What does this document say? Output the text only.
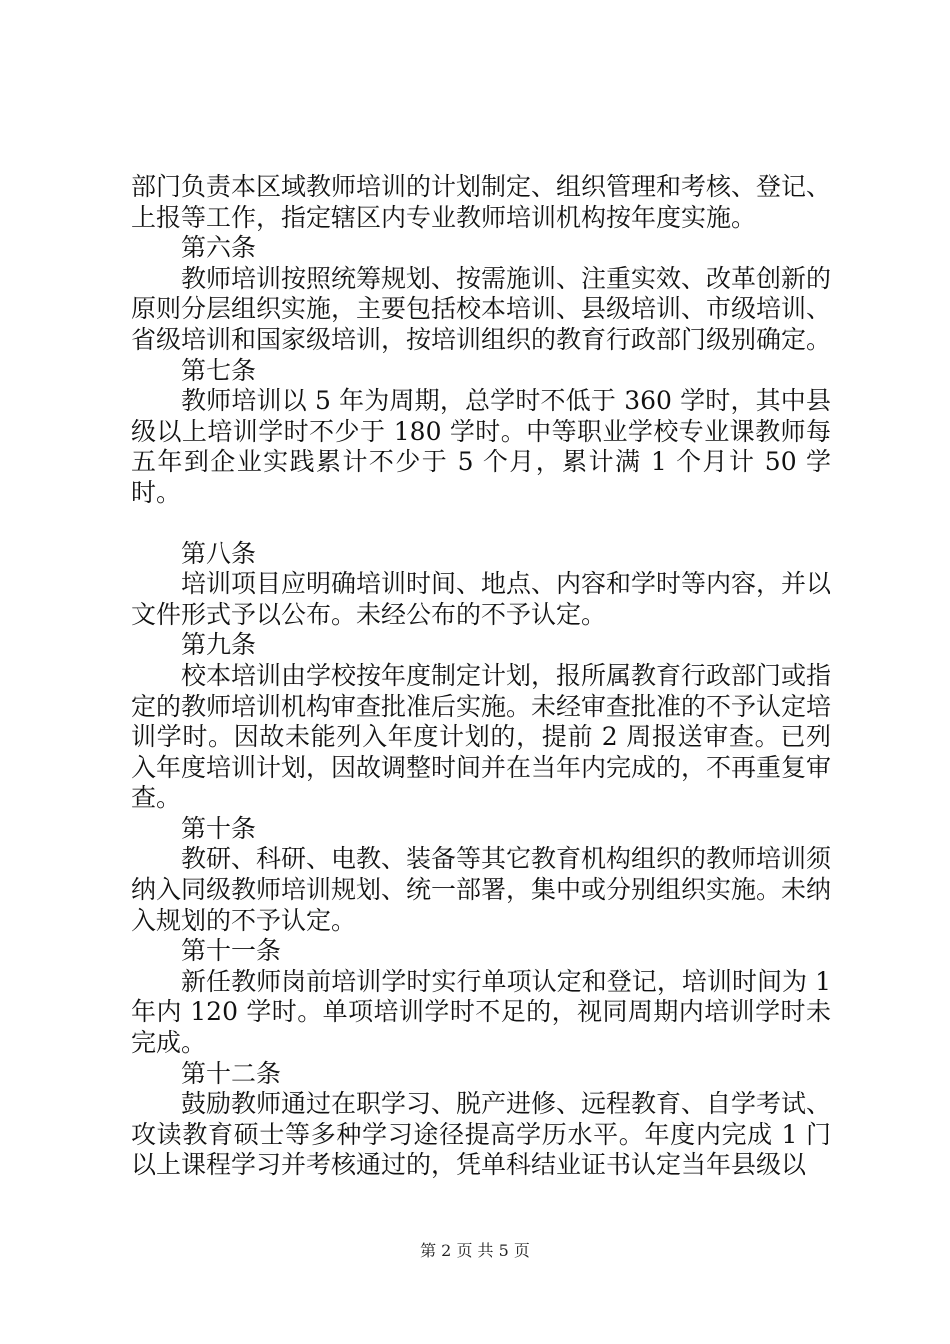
部门负责本区域教师培训的计划制定、组织管理和考核、登记、上报等工作，指定辖区内专业教师培训机构按年度实施。

第六条

教师培训按照统筹规划、按需施训、注重实效、改革创新的原则分层组织实施，主要包括校本培训、县级培训、市级培训、省级培训和国家级培训，按培训组织的教育行政部门级别确定。

第七条

教师培训以 5 年为周期，总学时不低于 360 学时，其中县级以上培训学时不少于 180 学时。中等职业学校专业课教师每五年到企业实践累计不少于 5 个月，累计满 1 个月计 50 学时。

第八条

培训项目应明确培训时间、地点、内容和学时等内容，并以文件形式予以公布。未经公布的不予认定。

第九条

校本培训由学校按年度制定计划，报所属教育行政部门或指定的教师培训机构审查批准后实施。未经审查批准的不予认定培训学时。因故未能列入年度计划的，提前 2 周报送审查。已列入年度培训计划，因故调整时间并在当年内完成的，不再重复审查。

第十条

教研、科研、电教、装备等其它教育机构组织的教师培训须纳入同级教师培训规划、统一部署，集中或分别组织实施。未纳入规划的不予认定。

第十一条

新任教师岗前培训学时实行单项认定和登记，培训时间为 1 年内 120 学时。单项培训学时不足的，视同周期内培训学时未完成。

第十二条

鼓励教师通过在职学习、脱产进修、远程教育、自学考试、攻读教育硕士等多种学习途径提高学历水平。年度内完成 1 门以上课程学习并考核通过的，凭单科结业证书认定当年县级以

第 2 页 共 5 页
